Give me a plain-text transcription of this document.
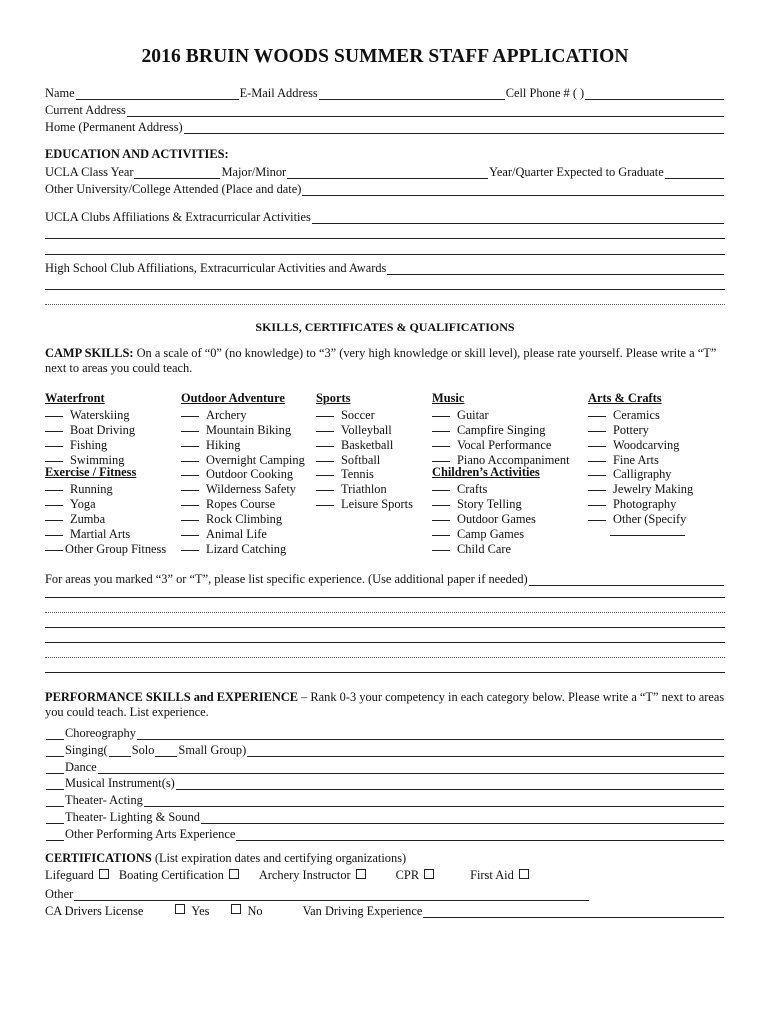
2016 BRUIN WOODS SUMMER STAFF APPLICATION
Name	E-Mail Address	Cell Phone # ( )
Current Address
Home (Permanent Address)
EDUCATION AND ACTIVITIES:
UCLA Class Year	Major/Minor	Year/Quarter Expected to Graduate
Other University/College Attended (Place and date)
UCLA Clubs Affiliations & Extracurricular Activities
High School Club Affiliations, Extracurricular Activities and Awards
SKILLS, CERTIFICATES & QUALIFICATIONS
CAMP SKILLS: On a scale of “0” (no knowledge) to “3” (very high knowledge or skill level), please rate yourself. Please write a “T” next to areas you could teach.
Waterfront
Waterskiing
Boat Driving
Fishing
Swimming
Exercise / Fitness
Running
Yoga
Zumba
Martial Arts
Other Group Fitness
Outdoor Adventure
Archery
Mountain Biking
Hiking
Overnight Camping
Outdoor Cooking
Wilderness Safety
Ropes Course
Rock Climbing
Animal Life
Lizard Catching
Sports
Soccer
Volleyball
Basketball
Softball
Tennis
Triathlon
Leisure Sports
Music
Guitar
Campfire Singing
Vocal Performance
Piano Accompaniment
Children’s Activities
Crafts
Story Telling
Outdoor Games
Camp Games
Child Care
Arts & Crafts
Ceramics
Pottery
Woodcarving
Fine Arts
Calligraphy
Jewelry Making
Photography
Other (Specify
For areas you marked “3” or “T”, please list specific experience. (Use additional paper if needed)
PERFORMANCE SKILLS and EXPERIENCE – Rank 0-3 your competency in each category below. Please write a “T” next to areas you could teach. List experience.
Choreography
Singing( Solo Small Group)
Dance
Musical Instrument(s)
Theater- Acting
Theater- Lighting & Sound
Other Performing Arts Experience
CERTIFICATIONS (List expiration dates and certifying organizations)
Lifeguard Boating Certification	Archery Instructor	CPR	First Aid
Other
CA Drivers License	Yes	No	Van Driving Experience
